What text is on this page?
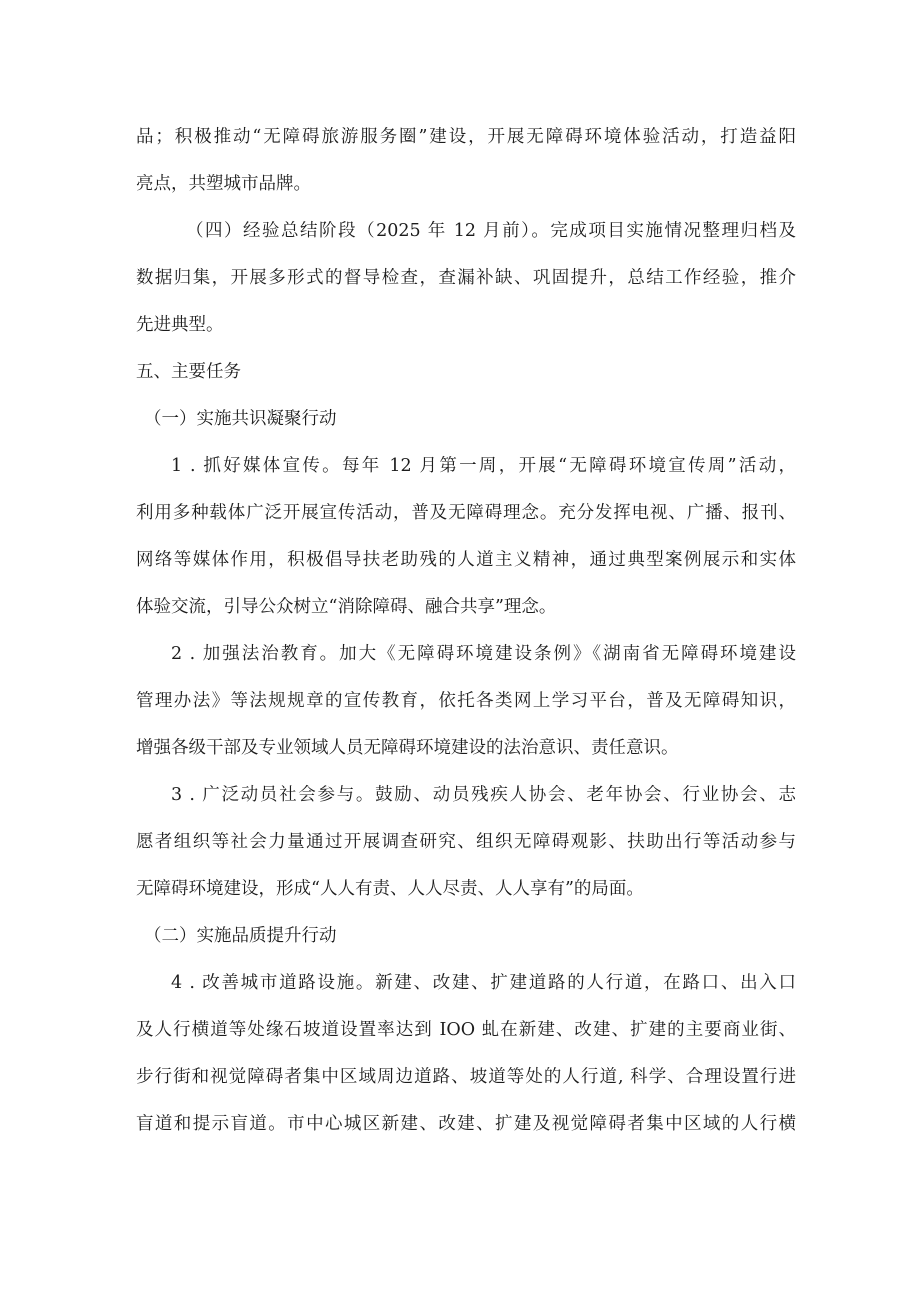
品；积极推动“无障碍旅游服务圈”建设，开展无障碍环境体验活动，打造益阳
亮点，共塑城市品牌。
（四）经验总结阶段（2025 年 12 月前）。完成项目实施情况整理归档及
数据归集，开展多形式的督导检查，查漏补缺、巩固提升，总结工作经验，推介
先进典型。
五、主要任务
（一）实施共识凝聚行动
1 . 抓好媒体宣传。每年 12 月第一周，开展“无障碍环境宣传周”活动，
利用多种载体广泛开展宣传活动，普及无障碍理念。充分发挥电视、广播、报刊、
网络等媒体作用，积极倡导扶老助残的人道主义精神，通过典型案例展示和实体
体验交流，引导公众树立“消除障碍、融合共享”理念。
2 . 加强法治教育。加大《无障碍环境建设条例》《湖南省无障碍环境建设
管理办法》等法规规章的宣传教育，依托各类网上学习平台，普及无障碍知识，
增强各级干部及专业领域人员无障碍环境建设的法治意识、责任意识。
3 . 广泛动员社会参与。鼓励、动员残疾人协会、老年协会、行业协会、志
愿者组织等社会力量通过开展调查研究、组织无障碍观影、扶助出行等活动参与
无障碍环境建设，形成“人人有责、人人尽责、人人享有”的局面。
（二）实施品质提升行动
4 . 改善城市道路设施。新建、改建、扩建道路的人行道，在路口、出入口
及人行横道等处缘石坡道设置率达到 IOO 虬在新建、改建、扩建的主要商业街、
步行街和视觉障碍者集中区域周边道路、坡道等处的人行道, 科学、合理设置行进
盲道和提示盲道。市中心城区新建、改建、扩建及视觉障碍者集中区域的人行横
